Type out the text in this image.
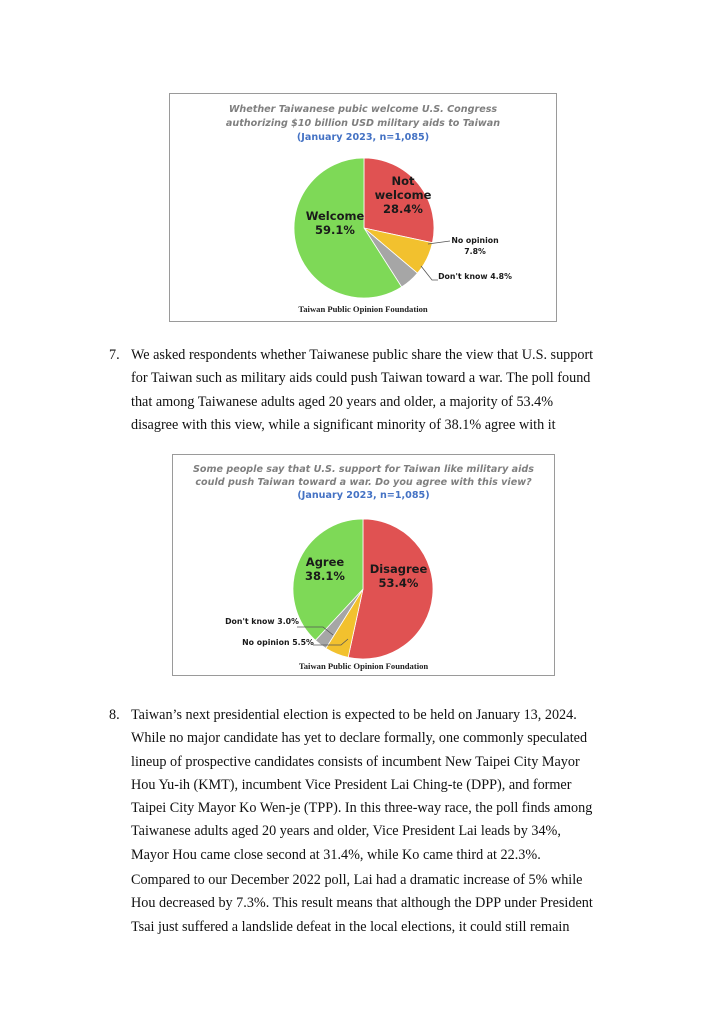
Whether Taiwanese pubic welcome U.S. Congress
authorizing $10 billion USD military aids to Taiwan
(January 2023, n=1,085)
Not
welcome
28.4%
No opinion
7.8%
Don't know 4.8%
Welcome
59.1%
Taiwan Public Opinion Foundation
7. We asked respondents whether Taiwanese public share the view that U.S. support
for Taiwan such as military aids could push Taiwan toward a war. The poll found
that among Taiwanese adults aged 20 years and older, a majority of 53.4%
disagree with this view, while a significant minority of 38.1% agree with it
Some people say that U.S. support for Taiwan like military aids
could push Taiwan toward a war. Do you agree with this view?
(January 2023, n=1,085)
Disagree
53.4%
No opinion 5.5%
Don't know 3.0%
Agree
38.1%
Taiwan Public Opinion Foundation
8. Taiwan’s next presidential election is expected to be held on January 13, 2024.
While no major candidate has yet to declare formally, one commonly speculated
lineup of prospective candidates consists of incumbent New Taipei City Mayor
Hou Yu-ih (KMT), incumbent Vice President Lai Ching-te (DPP), and former
Taipei City Mayor Ko Wen-je (TPP). In this three-way race, the poll finds among
Taiwanese adults aged 20 years and older, Vice President Lai leads by 34%,
Mayor Hou came close second at 31.4%, while Ko came third at 22.3%.
Compared to our December 2022 poll, Lai had a dramatic increase of 5% while
Hou decreased by 7.3%. This result means that although the DPP under President
Tsai just suffered a landslide defeat in the local elections, it could still remain
